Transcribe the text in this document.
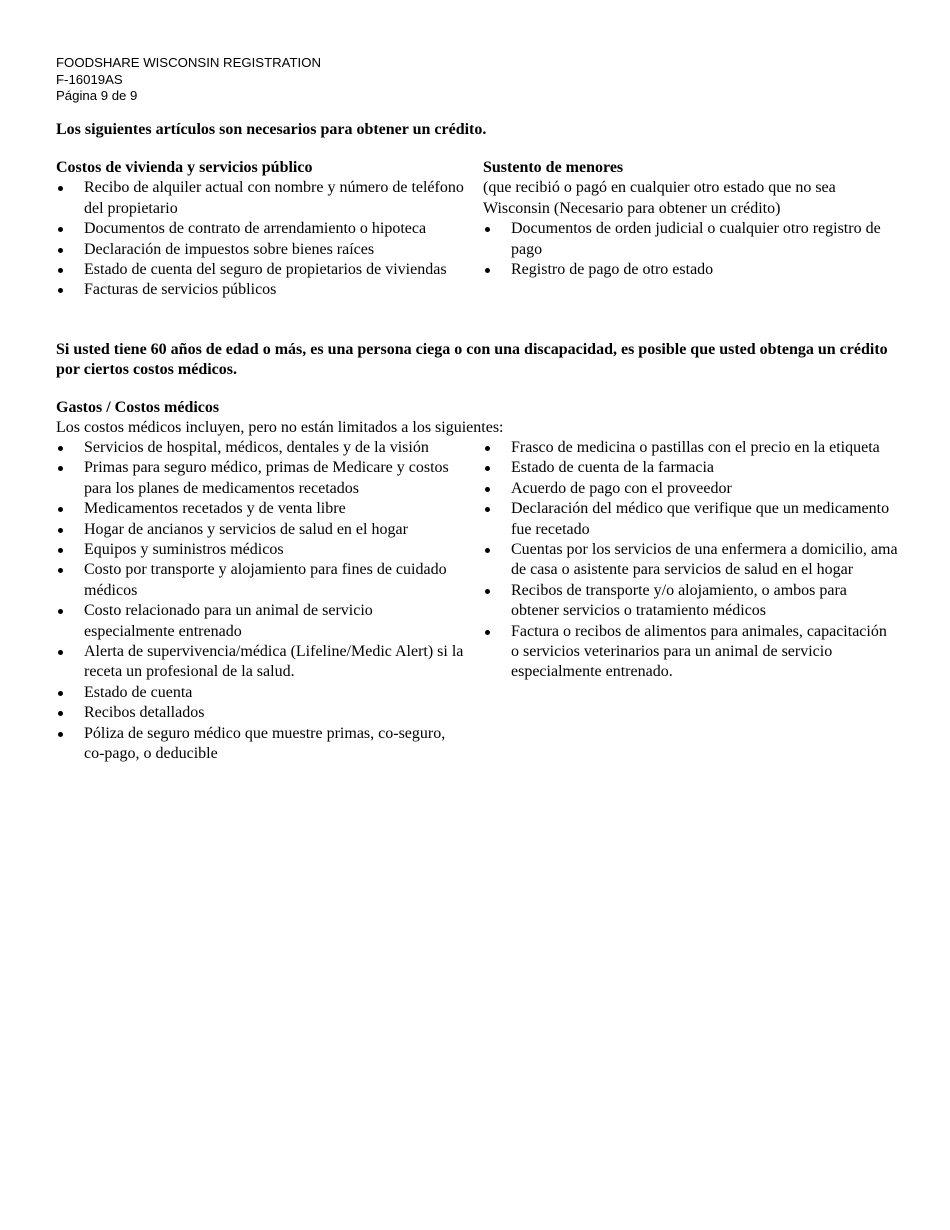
FOODSHARE WISCONSIN REGISTRATION
F-16019AS
Página 9 de 9
Los siguientes artículos son necesarios para obtener un crédito.
Costos de vivienda y servicios público
Recibo de alquiler actual con nombre y número de teléfono del propietario
Documentos de contrato de arrendamiento o hipoteca
Declaración de impuestos sobre bienes raíces
Estado de cuenta del seguro de propietarios de viviendas
Facturas de servicios públicos
Sustento de menores
(que recibió o pagó en cualquier otro estado que no sea Wisconsin (Necesario para obtener un crédito)
Documentos de orden judicial o cualquier otro registro de pago
Registro de pago de otro estado
Si usted tiene 60 años de edad o más, es una persona ciega o con una discapacidad, es posible que usted obtenga un crédito por ciertos costos médicos.
Gastos / Costos médicos
Los costos médicos incluyen, pero no están limitados a los siguientes:
Servicios de hospital, médicos, dentales y de la visión
Primas para seguro médico, primas de Medicare y costos para los planes de medicamentos recetados
Medicamentos recetados y de venta libre
Hogar de ancianos y servicios de salud en el hogar
Equipos y suministros médicos
Costo por transporte y alojamiento para fines de cuidado médicos
Costo relacionado para un animal de servicio especialmente entrenado
Alerta de supervivencia/médica (Lifeline/Medic Alert) si la receta un profesional de la salud.
Estado de cuenta
Recibos detallados
Póliza de seguro médico que muestre primas, co-seguro, co-pago, o deducible
Frasco de medicina o pastillas con el precio en la etiqueta
Estado de cuenta de la farmacia
Acuerdo de pago con el proveedor
Declaración del médico que verifique que un medicamento fue recetado
Cuentas por los servicios de una enfermera a domicilio, ama de casa o asistente para servicios de salud en el hogar
Recibos de transporte y/o alojamiento, o ambos para obtener servicios o tratamiento médicos
Factura o recibos de alimentos para animales, capacitación o servicios veterinarios para un animal de servicio especialmente entrenado.
